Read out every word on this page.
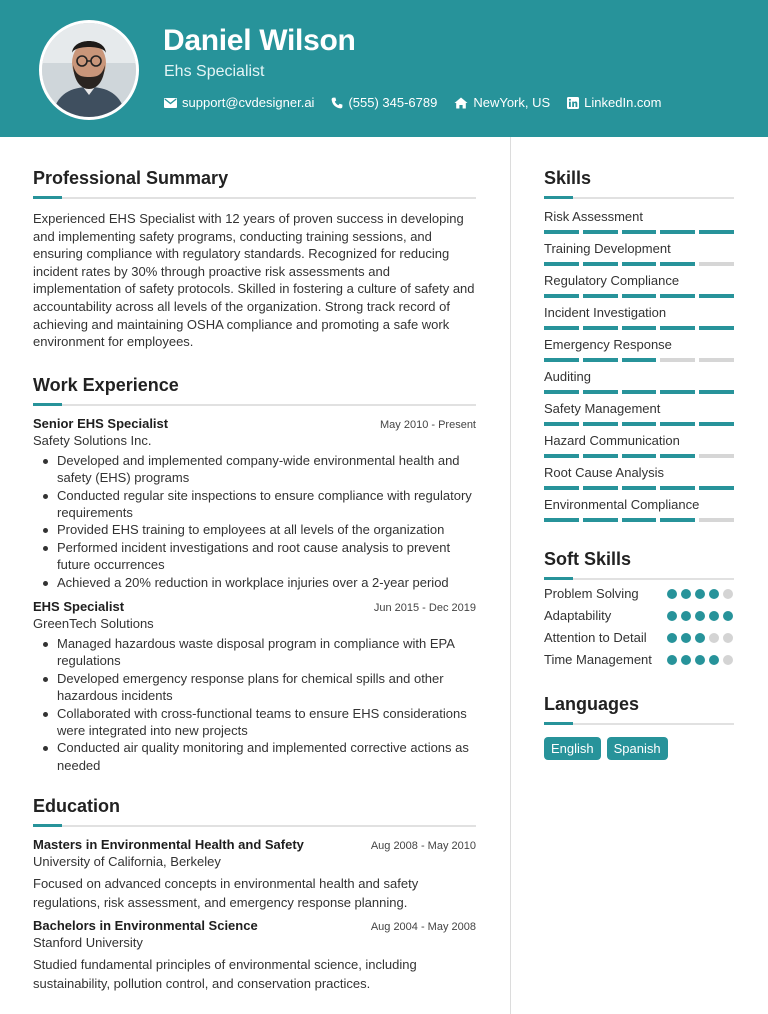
Daniel Wilson
Ehs Specialist
support@cvdesigner.ai	(555) 345-6789	NewYork, US	LinkedIn.com
Professional Summary

Experienced EHS Specialist with 12 years of proven success in developing and implementing safety programs, conducting training sessions, and ensuring compliance with regulatory standards. Recognized for reducing incident rates by 30% through proactive risk assessments and implementation of safety protocols. Skilled in fostering a culture of safety and accountability across all levels of the organization. Strong track record of achieving and maintaining OSHA compliance and promoting a safe work environment for employees.

Work Experience
Senior EHS Specialist	May 2010 - Present
Safety Solutions Inc.
Developed and implemented company-wide environmental health and safety (EHS) programs
Conducted regular site inspections to ensure compliance with regulatory requirements
Provided EHS training to employees at all levels of the organization
Performed incident investigations and root cause analysis to prevent future occurrences
Achieved a 20% reduction in workplace injuries over a 2-year period
EHS Specialist	Jun 2015 - Dec 2019
GreenTech Solutions
Managed hazardous waste disposal program in compliance with EPA regulations
Developed emergency response plans for chemical spills and other hazardous incidents
Collaborated with cross-functional teams to ensure EHS considerations were integrated into new projects
Conducted air quality monitoring and implemented corrective actions as needed
Education
Masters in Environmental Health and Safety	Aug 2008 - May 2010
University of California, Berkeley

Focused on advanced concepts in environmental health and safety regulations, risk assessment, and emergency response planning.

Bachelors in Environmental Science	Aug 2004 - May 2008
Stanford University

Studied fundamental principles of environmental science, including sustainability, pollution control, and conservation practices.

Skills
Risk Assessment
Training Development
Regulatory Compliance
Incident Investigation
Emergency Response
Auditing
Safety Management
Hazard Communication
Root Cause Analysis
Environmental Compliance
Soft Skills
Problem Solving
Adaptability
Attention to Detail
Time Management
Languages
English	Spanish
